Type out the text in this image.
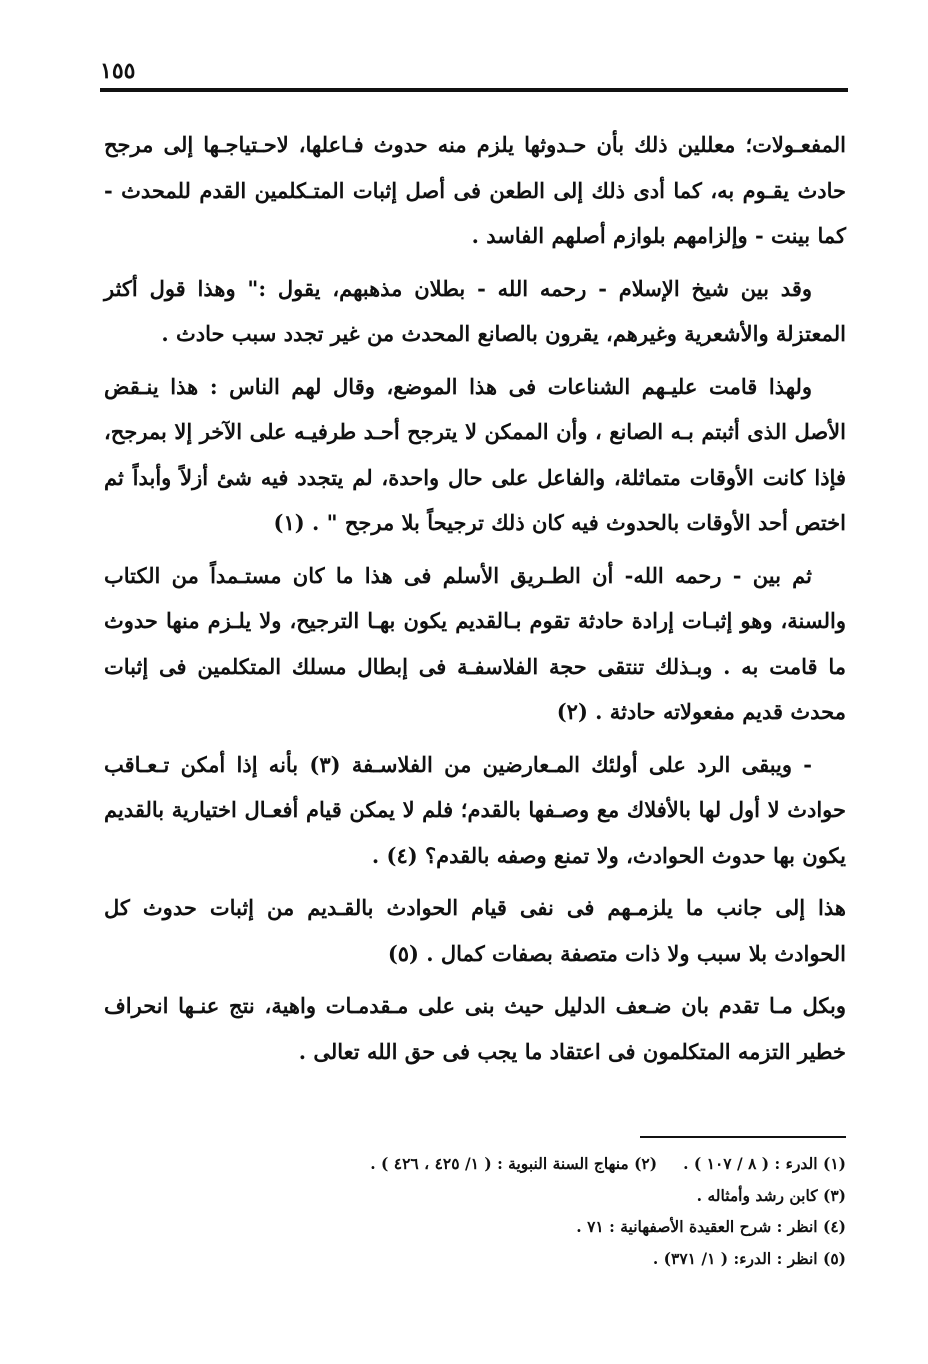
١٥٥

المفعـولات؛ معللين ذلك بأن حـدوثها يلزم منه حدوث فـاعلها، لاحـتياجـها إلى مرجح حادث يقـوم به، كما أدى ذلك إلى الطعن فى أصل إثبات المتـكلمين القدم للمحدث - كما بينت - وإلزامهم بلوازم أصلهم الفاسد .

وقد بين شيخ الإسلام - رحمه الله - بطلان مذهبهم، يقول :" وهذا قول أكثر المعتزلة والأشعرية وغيرهم، يقرون بالصانع المحدث من غير تجدد سبب حادث .

ولهذا قامت عليـهم الشناعات فى هذا الموضع، وقال لهم الناس : هذا ينـقض الأصل الذى أثبتم بـه الصانع ، وأن الممكن لا يترجح أحـد طرفيـه على الآخر إلا بمرجح، فإذا كانت الأوقات متماثلة، والفاعل على حال واحدة، لم يتجدد فيه شئ أزلاً وأبداً ثم اختص أحد الأوقات بالحدوث فيه كان ذلك ترجيحاً بلا مرجح " . (١)

ثم بين - رحمه الله- أن الطـريق الأسلم فى هذا ما كان مستـمداً من الكتاب والسنة، وهو إثبـات إرادة حادثة تقوم بـالقديم يكون بهـا الترجيح، ولا يلـزم منها حدوث ما قامت به . وبـذلك تنتقى حجة الفلاسفـة فى إبطال مسلك المتكلمين فى إثبات محدث قديم مفعولاته حادثة . (٢)

- ويبقى الرد على أولئك المـعارضين من الفلاسـفة (٣) بأنه إذا أمكن تـعـاقب حوادث لا أول لها بالأفلاك مع وصـفها بالقدم؛ فلم لا يمكن قيام أفعـال اختيارية بالقديم يكون بها حدوث الحوادث، ولا تمنع وصفه بالقدم؟ (٤) .

هذا إلى جانب ما يلزمـهم فى نفى قيام الحوادث بالقـديم من إثبات حدوث كل الحوادث بلا سبب ولا ذات متصفة بصفات كمال . (٥)

وبكل مـا تقدم بان ضـعف الدليل حيث بنى على مـقدمـات واهية، نتج عنـها انحراف خطير التزمه المتكلمون فى اعتقاد ما يجب فى حق الله تعالى .

(١) الدرء : ( ٨ / ١٠٧ ) .(٢) منهاج السنة النبوية : ( ١/ ٤٢٥ ، ٤٢٦ ) .

(٣) كابن رشد وأمثاله .

(٤) انظر : شرح العقيدة الأصفهانية : ٧١ .

(٥) انظر : الدرء: ( ١/ ٣٧١) .
